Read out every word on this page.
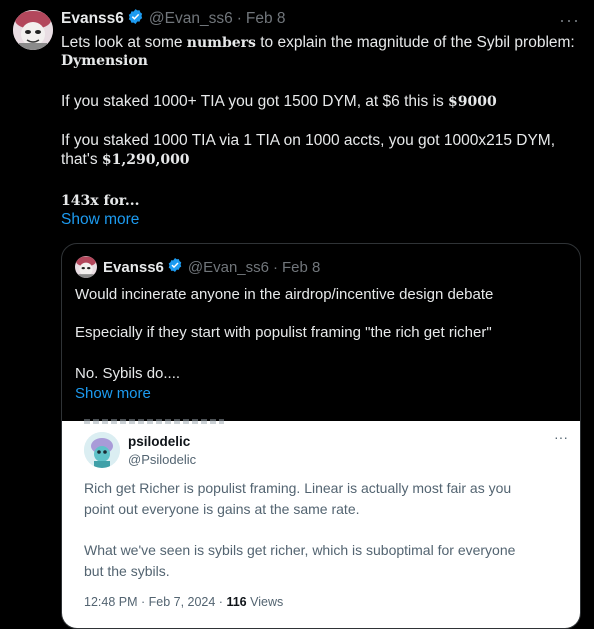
Evanss6 @Evan_ss6 · Feb 8	···
Lets look at some numbers to explain the magnitude of the Sybil problem:
Dymension
If you staked 1000+ TIA you got 1500 DYM, at $6 this is $9000
If you staked 1000 TIA via 1 TIA on 1000 accts, you got 1000x215 DYM,
that's $1,290,000
143x for...
Show more
Evanss6 @Evan_ss6 · Feb 8
Would incinerate anyone in the airdrop/incentive design debate
Especially if they start with populist framing "the rich get richer"
No. Sybils do....
Show more
psilodelic
@Psilodelic
···
Rich get Richer is populist framing. Linear is actually most fair as you
point out everyone is gains at the same rate.
What we've seen is sybils get richer, which is suboptimal for everyone
but the sybils.
12:48 PM · Feb 7, 2024 · 116 Views
